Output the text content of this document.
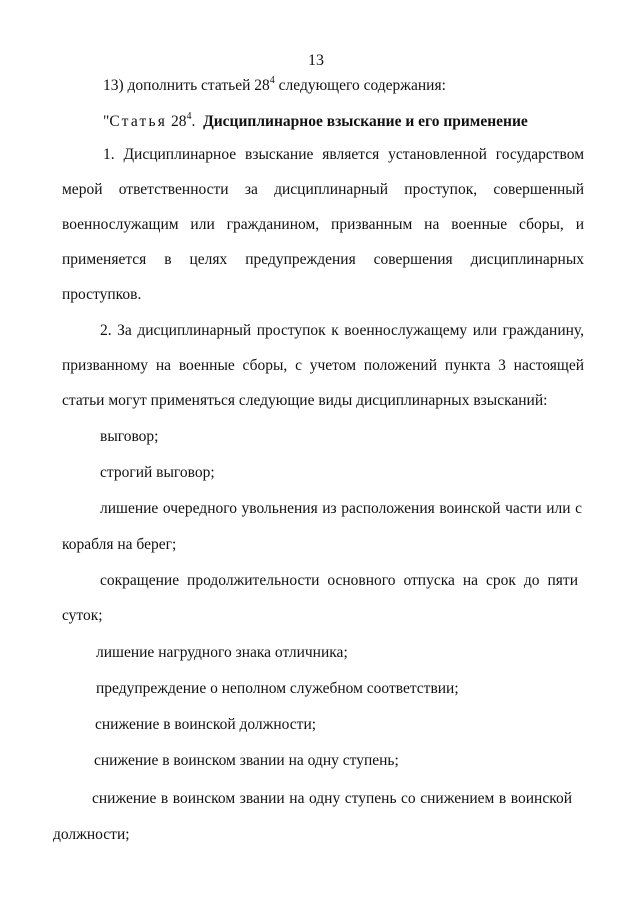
13
13) дополнить статьей $28^4$ следующего содержания:
"Статья $28^4$. Дисциплинарное взыскание и его применение
1. Дисциплинарное взыскание является установленной государством
мерой ответственности за дисциплинарный проступок, совершенный
военнослужащим или гражданином, призванным на военные сборы, и
применяется в целях предупреждения совершения дисциплинарных
проступков.
2. За дисциплинарный проступок к военнослужащему или гражданину,
призванному на военные сборы, с учетом положений пункта 3 настоящей
статьи могут применяться следующие виды дисциплинарных взысканий:
выговор;
строгий выговор;
лишение очередного увольнения из расположения воинской части или с
корабля на берег;
сокращение продолжительности основного отпуска на срок до пяти
суток;
лишение нагрудного знака отличника;
предупреждение о неполном служебном соответствии;
снижение в воинской должности;
снижение в воинском звании на одну ступень;
снижение в воинском звании на одну ступень со снижением в воинской
должности;
